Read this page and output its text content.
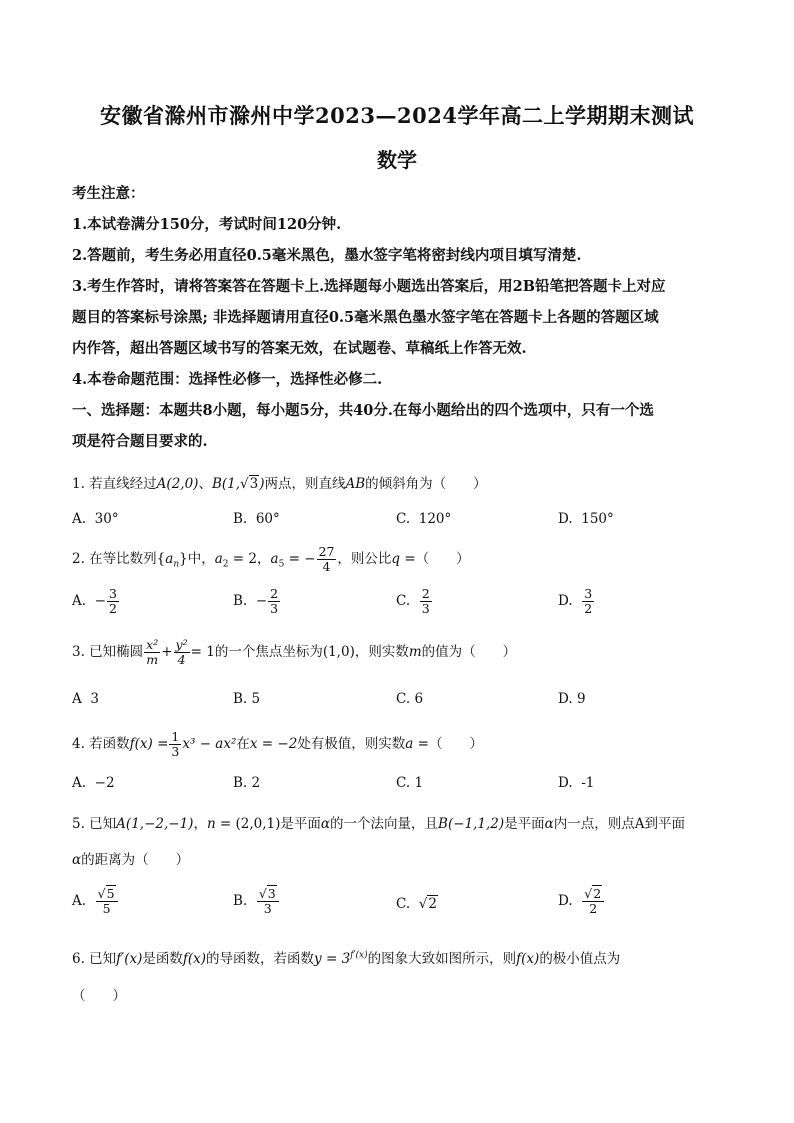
安徽省滁州市滁州中学2023—2024学年高二上学期期末测试
数学
考生注意：
1.本试卷满分150分，考试时间120分钟.
2.答题前，考生务必用直径0.5毫米黑色，墨水签字笔将密封线内项目填写清楚.
3.考生作答时，请将答案答在答题卡上.选择题每小题选出答案后，用2B铅笔把答题卡上对应
题目的答案标号涂黑; 非选择题请用直径0.5毫米黑色墨水签字笔在答题卡上各题的答题区域
内作答，超出答题区域书写的答案无效，在试题卷、草稿纸上作答无效.
4.本卷命题范围：选择性必修一，选择性必修二.
一、选择题：本题共8小题，每小题5分，共40分.在每小题给出的四个选项中，只有一个选
项是符合题目要求的.
1. 若直线经过A(2,0)、B(1,√3)两点，则直线AB的倾斜角为（　　）
A. 30°	B. 60°	C. 120°	D. 150°
2. 在等比数列$\{a_n\}$中，$a_2 = 2$，$a_5$ = − $\frac{27}{4}$ ，则公比q =（　　）
A. − $\frac{3}{2}$	B. − $\frac{2}{3}$	C. $\frac{2}{3}$	D. $\frac{3}{2}$
3. 已知椭圆 $\frac{\text{x²}}{m} + \frac{\text{y²}}{4} = 1$的一个焦点坐标为(1,0)，则实数m的值为（　　）
A 3	B. 5	C. 6	D. 9
4. 若函数$f(x) = \frac{1}{3} x^3 - ax^2$在x = −2处有极值，则实数a =（　　）
A. −2	B. 2	C. 1	D. -1
5. 已知A(1,−2,−1)，n = (2,0,1)是平面α的一个法向量，且B(−1,1,2)是平面α内一点，则点A到平面
α的距离为（　　）
A. $\frac{√5}{5}$	B. $\frac{√3}{3}$	C.  √2	D. $\frac{√2}{2}$
6. 已知f′(x)是函数f(x)的导函数，若函数$y = 3^{f'(x)}$的图象大致如图所示，则f(x)的极小值点为
（　　）
